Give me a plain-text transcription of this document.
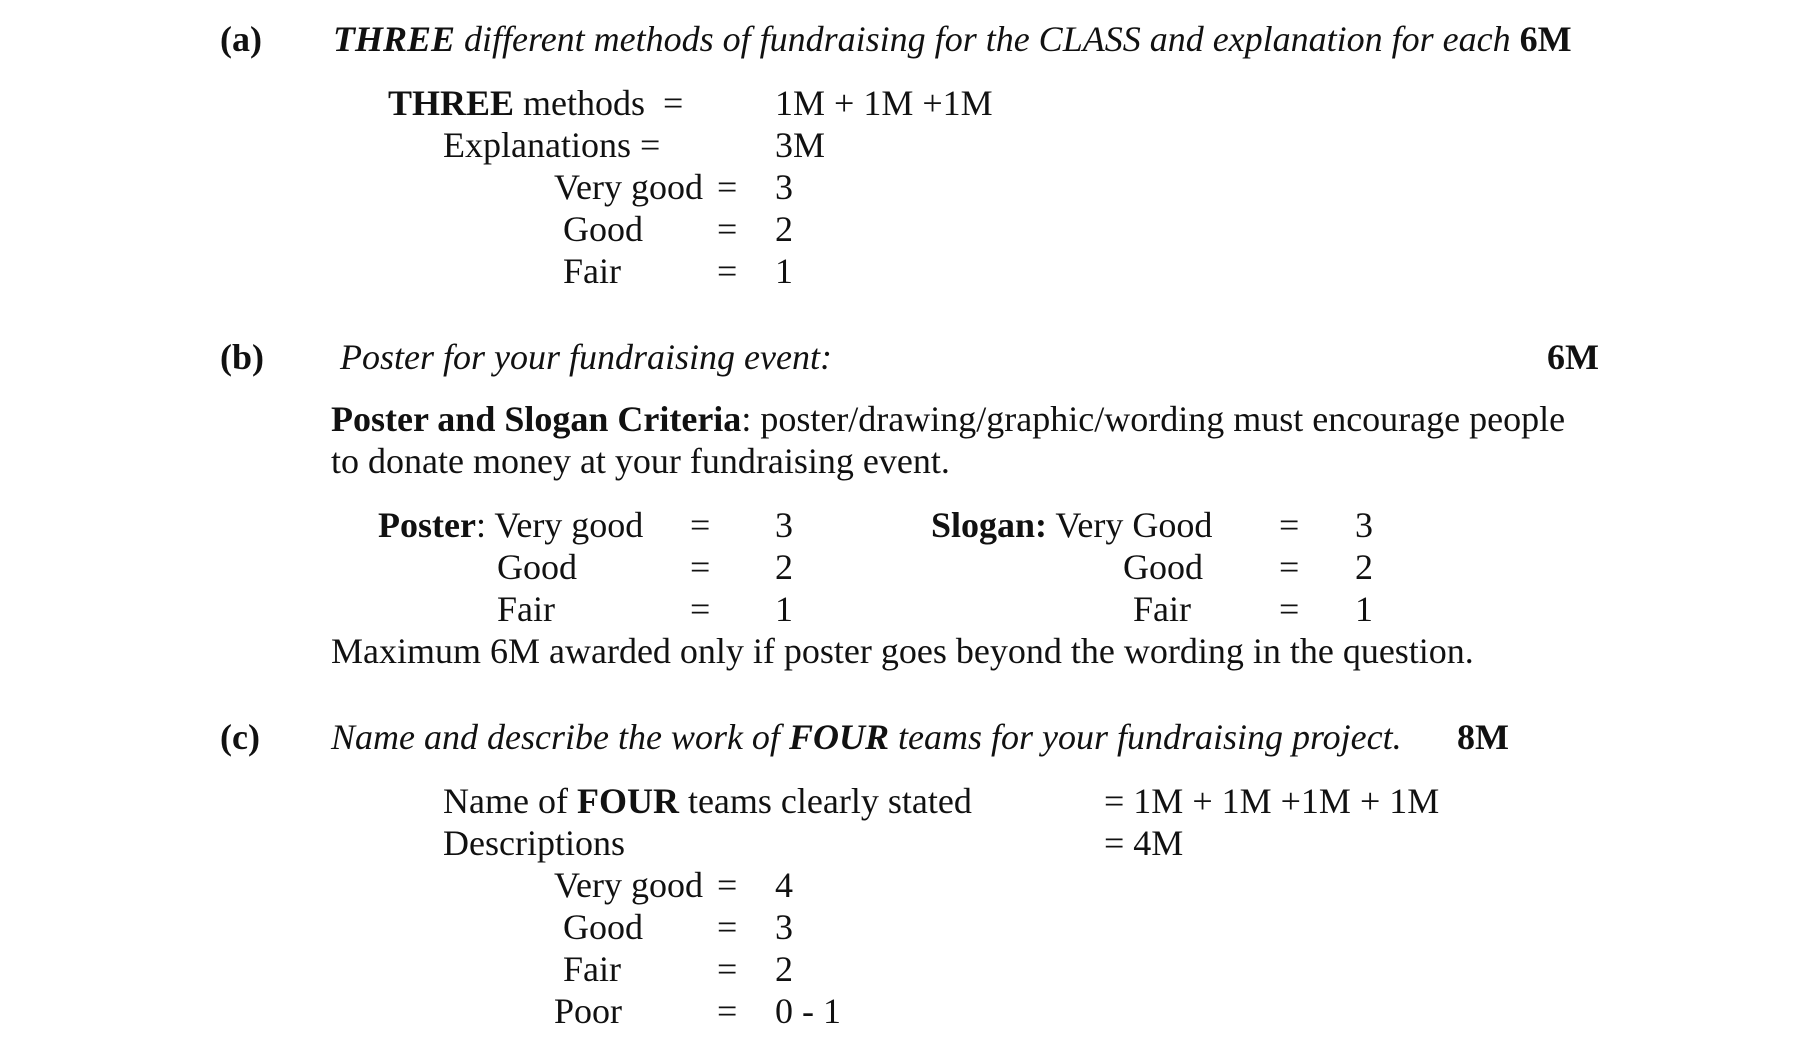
(a) THREE different methods of fundraising for the CLASS and explanation for each 6M
THREE methods =	1M + 1M +1M
Explanations =	3M
Very good = 3
Good = 2
Fair	= 1
(b) Poster for your fundraising event:	6M
Poster and Slogan Criteria: poster/drawing/graphic/wording must encourage people
to donate money at your fundraising event.
Poster: Very good = 3
Good	= 2
Fair	= 1
Slogan: Very Good = 3
Good = 2
Fair = 1
Maximum 6M awarded only if poster goes beyond the wording in the question.
(c) Name and describe the work of FOUR teams for your fundraising project. 8M
Name of FOUR teams clearly stated	= 1M + 1M +1M + 1M
Descriptions	= 4M
Very good = 4
Good = 3
Fair	= 2
Poor	= 0 - 1
